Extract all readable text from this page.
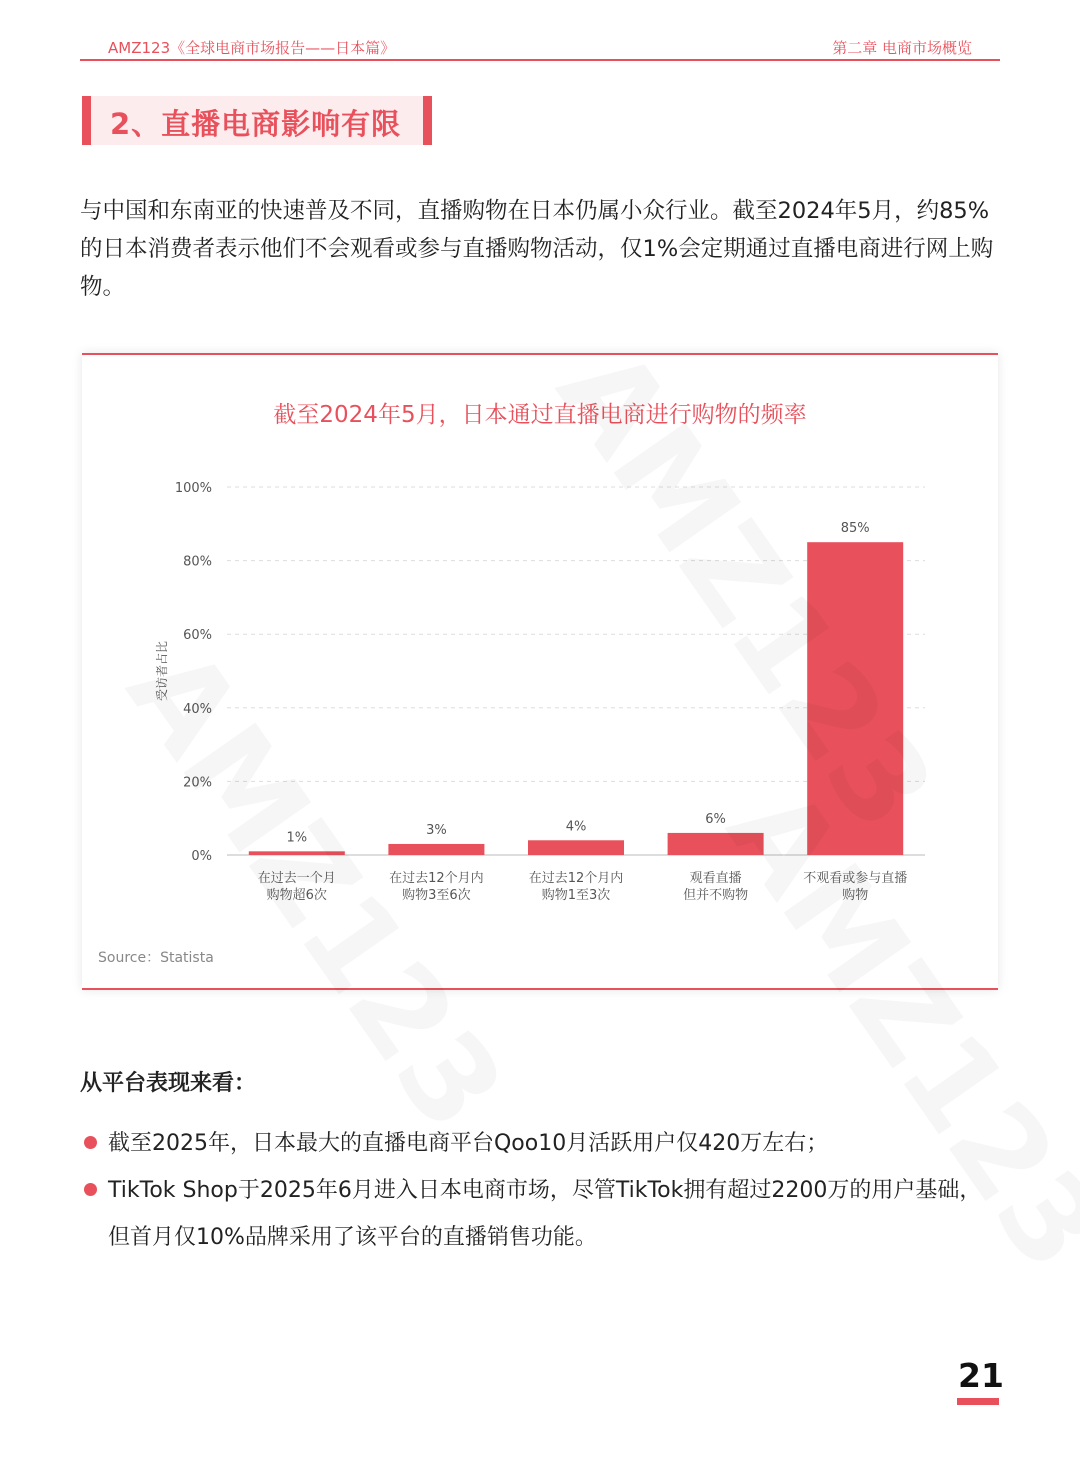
AMZ123《全球电商市场报告——日本篇》	第二章 电商市场概览
2、直播电商影响有限
与中国和东南亚的快速普及不同，直播购物在日本仍属小众行业。截至2024年5月，约85%的日本消费者表示他们不会观看或参与直播购物活动，仅1%会定期通过直播电商进行网上购物。
截至2024年5月，日本通过直播电商进行购物的频率
0%
20%
40%
60%
80%
100%
受访者占比
1%
在过去一个月
购物超6次
3%
在过去12个月内
购物3至6次
4%
在过去12个月内
购物1至3次
6%
观看直播
但并不购物
85%
不观看或参与直播
购物
Source：Statista
从平台表现来看：
截至2025年，日本最大的直播电商平台Qoo10月活跃用户仅420万左右；
TikTok Shop于2025年6月进入日本电商市场，尽管TikTok拥有超过2200万的用户基础，但首月仅10%品牌采用了该平台的直播销售功能。
21
